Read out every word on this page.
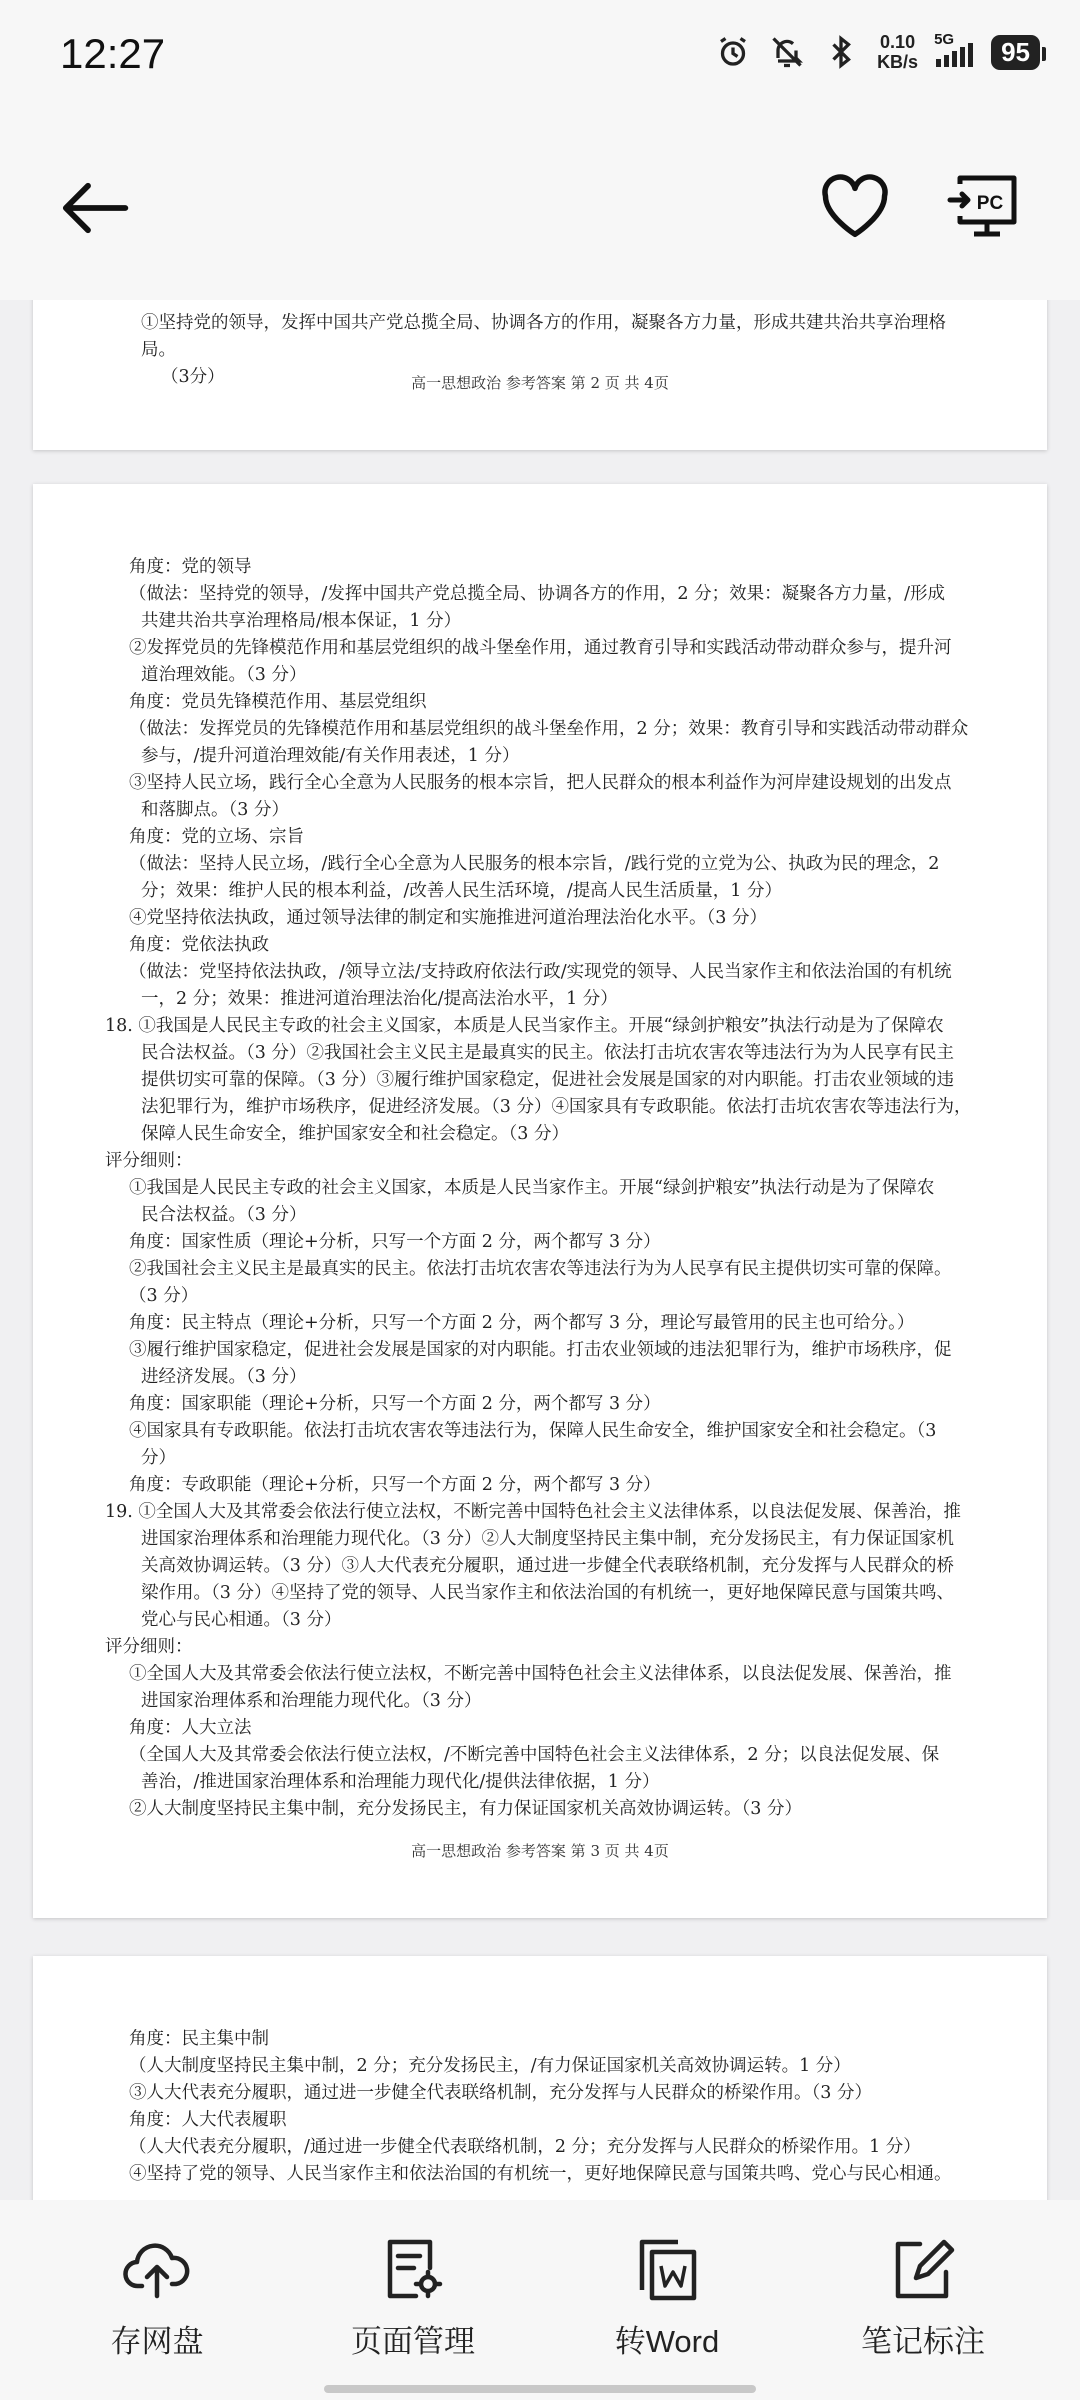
12:27	0.10
KB/s
5G	95
PC

①坚持党的领导，发挥中国共产党总揽全局、协调各方的作用，凝聚各方力量，形成共建共治共享治理格局。

（3分）	高一思想政治 参考答案 第 2 页 共 4页

角度：党的领导

（做法：坚持党的领导，/发挥中国共产党总揽全局、协调各方的作用，2 分；效果：凝聚各方力量，/形成

共建共治共享治理格局/根本保证，1 分）

②发挥党员的先锋模范作用和基层党组织的战斗堡垒作用，通过教育引导和实践活动带动群众参与，提升河

道治理效能。（3 分）

角度：党员先锋模范作用、基层党组织

（做法：发挥党员的先锋模范作用和基层党组织的战斗堡垒作用，2 分；效果：教育引导和实践活动带动群众

参与，/提升河道治理效能/有关作用表述，1 分）

③坚持人民立场，践行全心全意为人民服务的根本宗旨，把人民群众的根本利益作为河岸建设规划的出发点

和落脚点。（3 分）

角度：党的立场、宗旨

（做法：坚持人民立场，/践行全心全意为人民服务的根本宗旨，/践行党的立党为公、执政为民的理念，2

分；效果：维护人民的根本利益，/改善人民生活环境，/提高人民生活质量，1 分）

④党坚持依法执政，通过领导法律的制定和实施推进河道治理法治化水平。（3 分）

角度：党依法执政

（做法：党坚持依法执政，/领导立法/支持政府依法行政/实现党的领导、人民当家作主和依法治国的有机统

一，2 分；效果：推进河道治理法治化/提高法治水平，1 分）

18. ①我国是人民民主专政的社会主义国家，本质是人民当家作主。开展“绿剑护粮安”执法行动是为了保障农

民合法权益。（3 分）②我国社会主义民主是最真实的民主。依法打击坑农害农等违法行为为人民享有民主

提供切实可靠的保障。（3 分）③履行维护国家稳定，促进社会发展是国家的对内职能。打击农业领域的违

法犯罪行为，维护市场秩序，促进经济发展。（3 分）④国家具有专政职能。依法打击坑农害农等违法行为，

保障人民生命安全，维护国家安全和社会稳定。（3 分）

评分细则：

①我国是人民民主专政的社会主义国家，本质是人民当家作主。开展“绿剑护粮安”执法行动是为了保障农

民合法权益。（3 分）

角度：国家性质（理论+分析，只写一个方面 2 分，两个都写 3 分）

②我国社会主义民主是最真实的民主。依法打击坑农害农等违法行为为人民享有民主提供切实可靠的保障。

（3 分）

角度：民主特点（理论+分析，只写一个方面 2 分，两个都写 3 分，理论写最管用的民主也可给分。）

③履行维护国家稳定，促进社会发展是国家的对内职能。打击农业领域的违法犯罪行为，维护市场秩序，促

进经济发展。（3 分）

角度：国家职能（理论+分析，只写一个方面 2 分，两个都写 3 分）

④国家具有专政职能。依法打击坑农害农等违法行为，保障人民生命安全，维护国家安全和社会稳定。（3

分）

角度：专政职能（理论+分析，只写一个方面 2 分，两个都写 3 分）

19. ①全国人大及其常委会依法行使立法权，不断完善中国特色社会主义法律体系，以良法促发展、保善治，推

进国家治理体系和治理能力现代化。（3 分）②人大制度坚持民主集中制，充分发扬民主，有力保证国家机

关高效协调运转。（3 分）③人大代表充分履职，通过进一步健全代表联络机制，充分发挥与人民群众的桥

梁作用。（3 分）④坚持了党的领导、人民当家作主和依法治国的有机统一，更好地保障民意与国策共鸣、

党心与民心相通。（3 分）

评分细则：

①全国人大及其常委会依法行使立法权，不断完善中国特色社会主义法律体系，以良法促发展、保善治，推

进国家治理体系和治理能力现代化。（3 分）

角度：人大立法

（全国人大及其常委会依法行使立法权，/不断完善中国特色社会主义法律体系，2 分；以良法促发展、保

善治，/推进国家治理体系和治理能力现代化/提供法律依据，1 分）

②人大制度坚持民主集中制，充分发扬民主，有力保证国家机关高效协调运转。（3 分）

高一思想政治 参考答案 第 3 页 共 4页

角度：民主集中制

（人大制度坚持民主集中制，2 分；充分发扬民主，/有力保证国家机关高效协调运转。1 分）

③人大代表充分履职，通过进一步健全代表联络机制，充分发挥与人民群众的桥梁作用。（3 分）

角度：人大代表履职

（人大代表充分履职，/通过进一步健全代表联络机制，2 分；充分发挥与人民群众的桥梁作用。1 分）

④坚持了党的领导、人民当家作主和依法治国的有机统一，更好地保障民意与国策共鸣、党心与民心相通。

存网盘	页面管理	转Word	笔记标注
